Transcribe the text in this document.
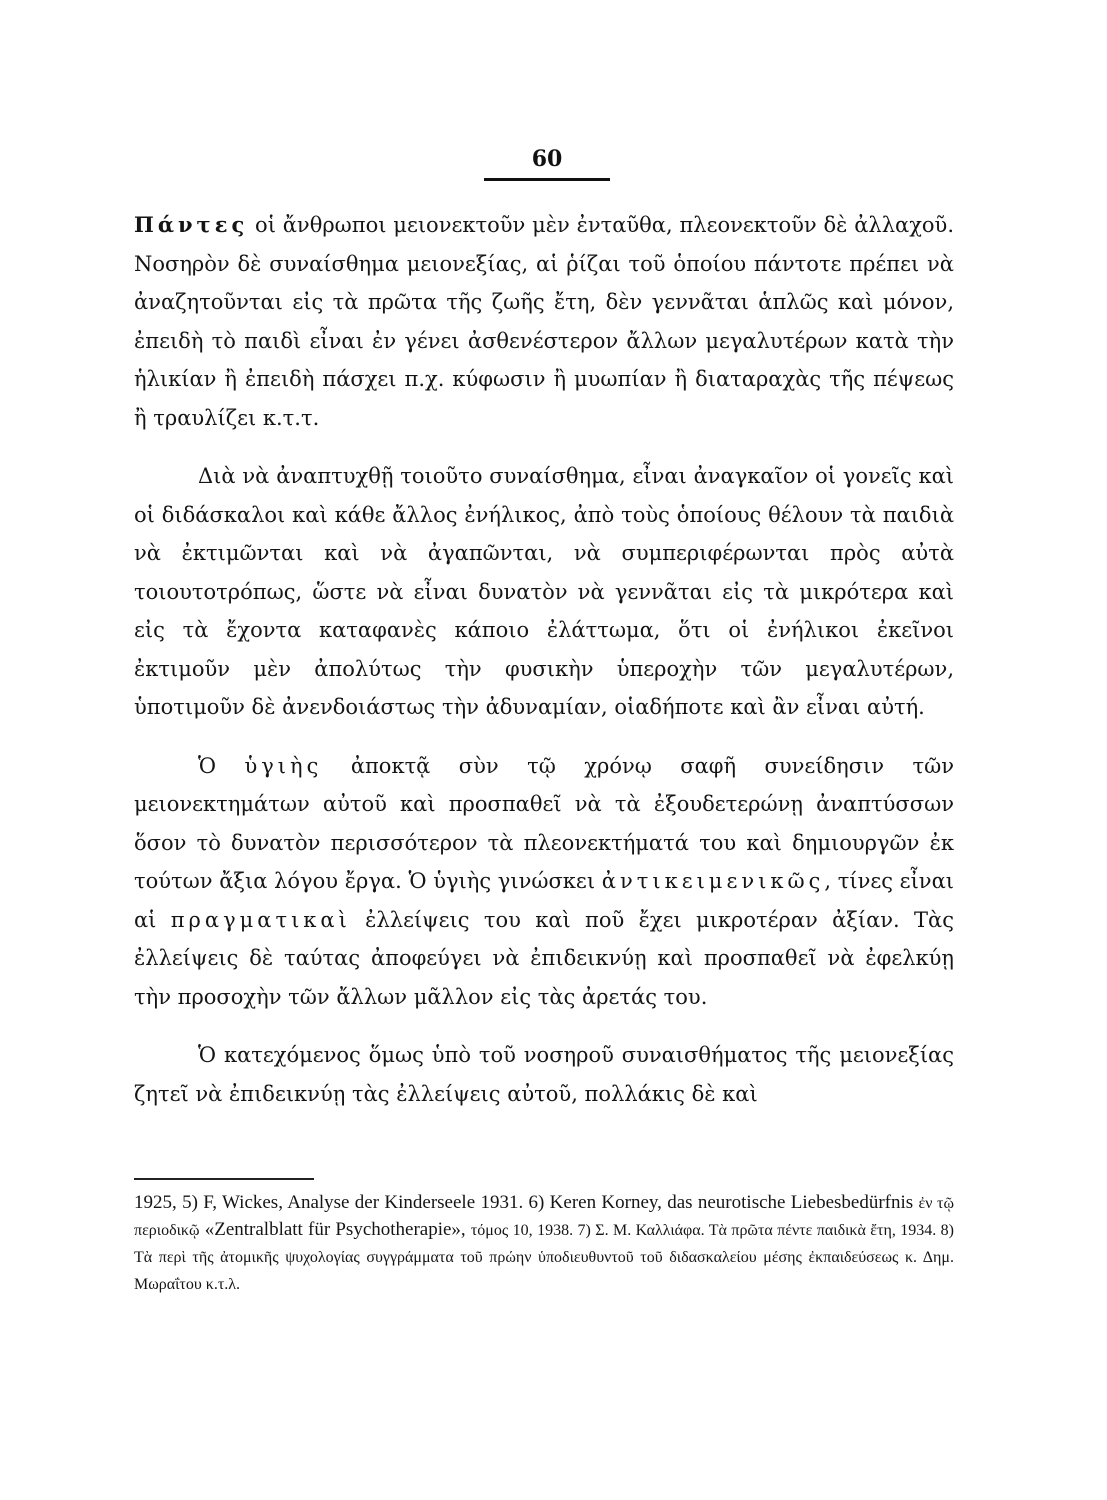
60

Πάντες οἱ ἄνθρωποι μειονεκτοῦν μὲν ἐνταῦθα, πλεονεκτοῦν δὲ ἀλλαχοῦ. Νοσηρὸν δὲ συναίσθημα μειονεξίας, αἱ ῥίζαι τοῦ ὁποίου πάντοτε πρέπει νὰ ἀναζητοῦνται εἰς τὰ πρῶτα τῆς ζωῆς ἔτη, δὲν γεννᾶται ἁπλῶς καὶ μόνον, ἐπειδὴ τὸ παιδὶ εἶναι ἐν γένει ἀσθενέστερον ἄλλων μεγαλυτέρων κατὰ τὴν ἡλικίαν ἢ ἐπειδὴ πάσχει π.χ. κύφωσιν ἢ μυωπίαν ἢ διαταραχὰς τῆς πέψεως ἢ τραυλίζει κ.τ.τ.

Διὰ νὰ ἀναπτυχθῇ τοιοῦτο συναίσθημα, εἶναι ἀναγκαῖον οἱ γονεῖς καὶ οἱ διδάσκαλοι καὶ κάθε ἄλλος ἐνήλικος, ἀπὸ τοὺς ὁποίους θέλουν τὰ παιδιὰ νὰ ἐκτιμῶνται καὶ νὰ ἀγαπῶνται, νὰ συμπεριφέρωνται πρὸς αὐτὰ τοιουτοτρόπως, ὥστε νὰ εἶναι δυνατὸν νὰ γεννᾶται εἰς τὰ μικρότερα καὶ εἰς τὰ ἔχοντα καταφανὲς κάποιο ἐλάττωμα, ὅτι οἱ ἐνήλικοι ἐκεῖνοι ἐκτιμοῦν μὲν ἀπολύτως τὴν φυσικὴν ὑπεροχὴν τῶν μεγαλυτέρων, ὑποτιμοῦν δὲ ἀνενδοιάστως τὴν ἀδυναμίαν, οἱαδήποτε καὶ ἂν εἶναι αὐτή.

Ὁ ὑγιὴς ἀποκτᾷ σὺν τῷ χρόνῳ σαφῆ συνείδησιν τῶν μειονεκτημάτων αὐτοῦ καὶ προσπαθεῖ νὰ τὰ ἐξουδετερώνῃ ἀναπτύσσων ὅσον τὸ δυνατὸν περισσότερον τὰ πλεονεκτήματά του καὶ δημιουργῶν ἐκ τούτων ἄξια λόγου ἔργα. Ὁ ὑγιὴς γινώσκει ἀντικειμενικῶς, τίνες εἶναι αἱ πραγματικαὶ ἐλλείψεις του καὶ ποῦ ἔχει μικροτέραν ἀξίαν. Τὰς ἐλλείψεις δὲ ταύτας ἀποφεύγει νὰ ἐπιδεικνύῃ καὶ προσπαθεῖ νὰ ἐφελκύῃ τὴν προσοχὴν τῶν ἄλλων μᾶλλον εἰς τὰς ἀρετάς του.

Ὁ κατεχόμενος ὅμως ὑπὸ τοῦ νοσηροῦ συναισθήματος τῆς μειονεξίας ζητεῖ νὰ ἐπιδεικνύῃ τὰς ἐλλείψεις αὐτοῦ, πολλάκις δὲ καὶ

1925, 5) F, Wickes, Analyse der Kinderseele 1931. 6) Keren Korney, das neurotische Liebesbedürfnis ἐν τῷ περιοδικῷ «Zentralblatt für Psychotherapie», τόμος 10, 1938. 7) Σ. Μ. Καλλιάφα. Τὰ πρῶτα πέντε παιδικὰ ἔτη, 1934. 8) Τὰ περὶ τῆς ἀτομικῆς ψυχολογίας συγγράμματα τοῦ πρώην ὑποδιευθυντοῦ τοῦ διδασκαλείου μέσης ἐκπαιδεύσεως κ. Δημ. Μωραΐτου κ.τ.λ.
